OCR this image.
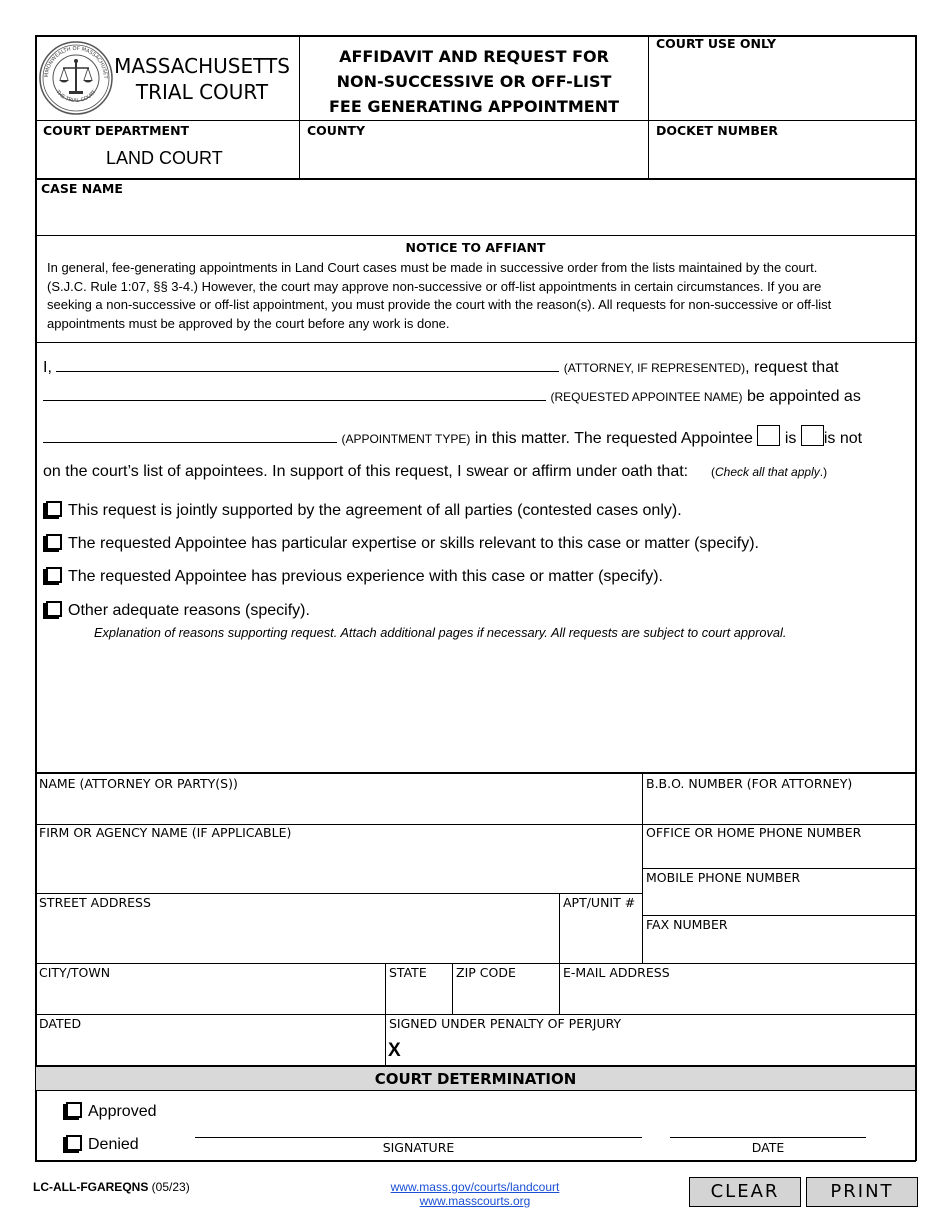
MMONWEALTH OF MASSACHUSET
THE TRIAL COURT
MASSACHUSETTS
TRIAL COURT
AFFIDAVIT AND REQUEST FOR
NON-SUCCESSIVE OR OFF-LIST
FEE GENERATING APPOINTMENT
COURT USE ONLY
COURT DEPARTMENT
LAND COURT
COUNTY	DOCKET NUMBER
CASE NAME
NOTICE TO AFFIANT
In general, fee-generating appointments in Land Court cases must be made in successive order from the lists maintained by the court.
(S.J.C. Rule 1:07, §§ 3-4.) However, the court may approve non-successive or off-list appointments in certain circumstances. If you are
seeking a non-successive or off-list appointment, you must provide the court with the reason(s). All requests for non-successive or off-list
appointments must be approved by the court before any work is done.
I,	(ATTORNEY, IF REPRESENTED), request that
(REQUESTED APPOINTEE NAME) be appointed as
(APPOINTMENT TYPE) in this matter. The requested Appointee is is not
on the court’s list of appointees. In support of this request, I swear or affirm under oath that: (Check all that apply.)
This request is jointly supported by the agreement of all parties (contested cases only).
The requested Appointee has particular expertise or skills relevant to this case or matter (specify).
The requested Appointee has previous experience with this case or matter (specify).
Other adequate reasons (specify).
Explanation of reasons supporting request. Attach additional pages if necessary. All requests are subject to court approval.
NAME (ATTORNEY OR PARTY(S))	B.B.O. NUMBER (FOR ATTORNEY)
FIRM OR AGENCY NAME (IF APPLICABLE)	OFFICE OR HOME PHONE NUMBER
MOBILE PHONE NUMBER
STREET ADDRESS	APT/UNIT #
FAX NUMBER
CITY/TOWN	STATE ZIP CODE	E-MAIL ADDRESS
DATED	SIGNED UNDER PENALTY OF PERJURY
X
COURT DETERMINATION
Approved
Denied	SIGNATURE	DATE
LC-ALL-FGAREQNS (05/23)	www.mass.gov/courts/landcourt
www.masscourts.org	CLEAR	PRINT
